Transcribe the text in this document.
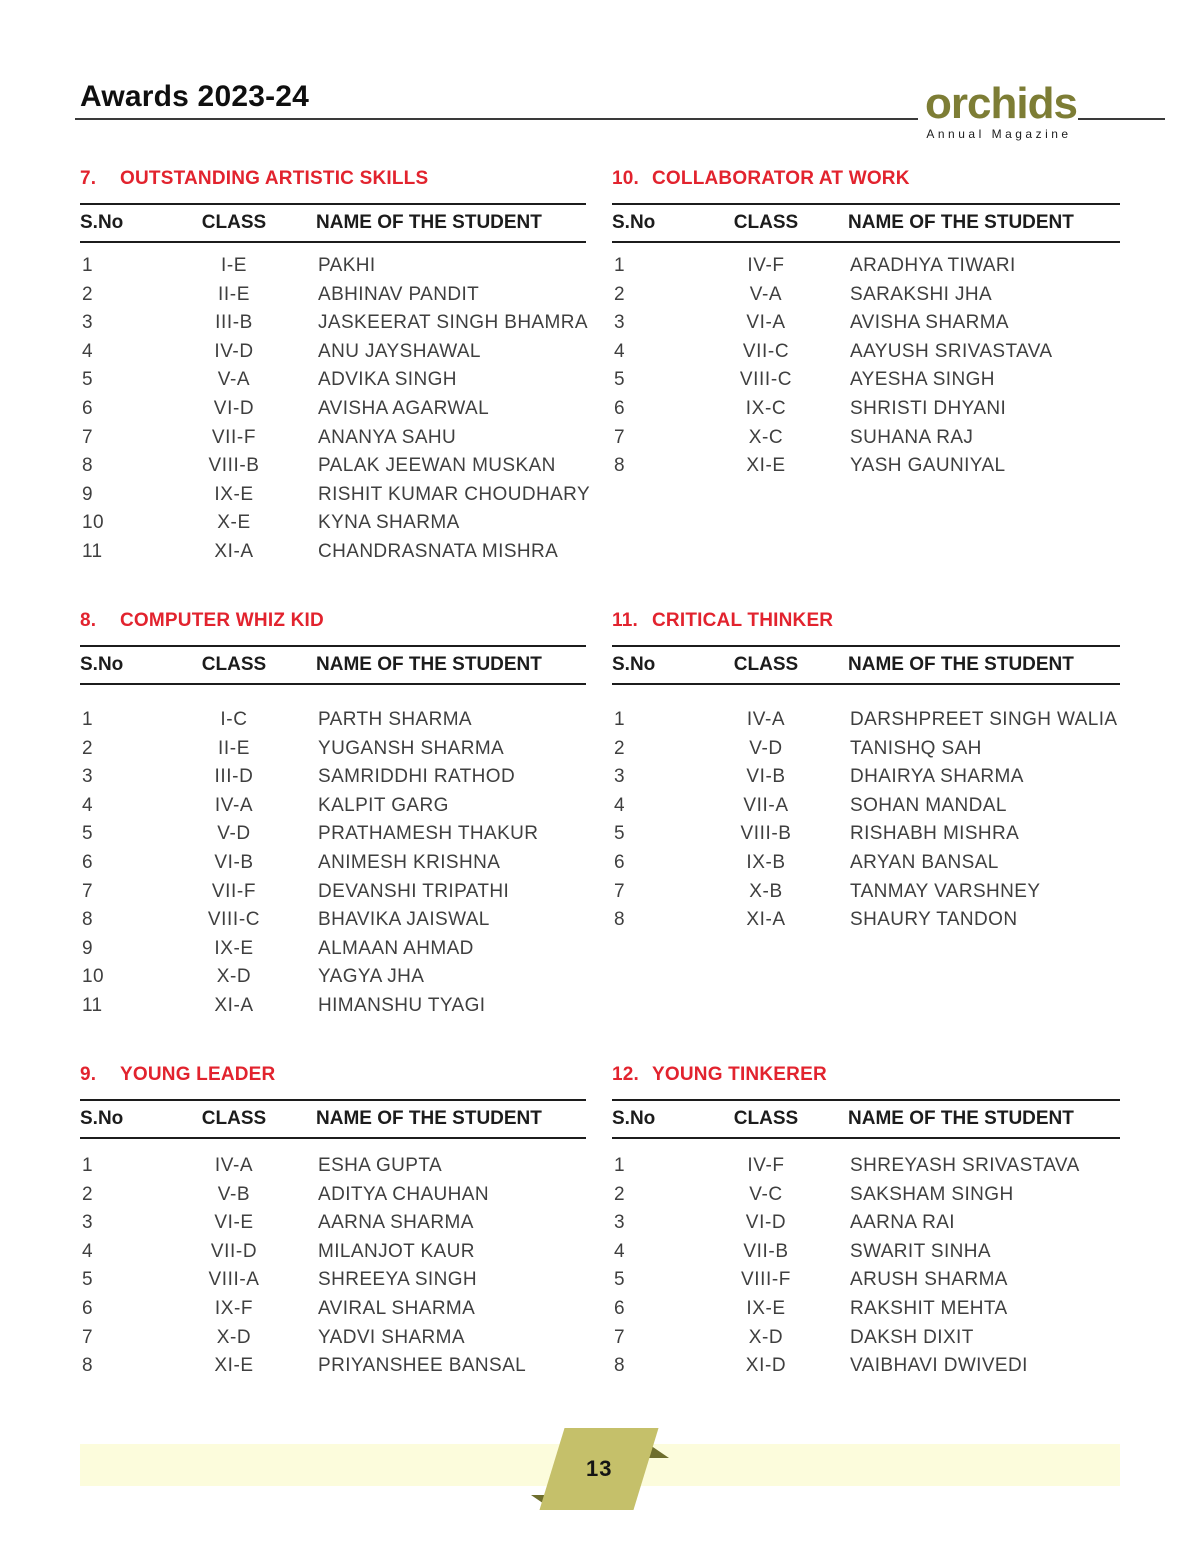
Awards 2023-24	orchids
Annual Magazine
7.	OUTSTANDING ARTISTIC SKILLS
S.No	CLASS	NAME OF THE STUDENT
1	I-E	PAKHI
2	II-E	ABHINAV PANDIT
3	III-B	JASKEERAT SINGH BHAMRA
4	IV-D	ANU JAYSHAWAL
5	V-A	ADVIKA SINGH
6	VI-D	AVISHA AGARWAL
7	VII-F	ANANYA SAHU
8	VIII-B	PALAK JEEWAN MUSKAN
9	IX-E	RISHIT KUMAR CHOUDHARY
10	X-E	KYNA SHARMA
11	XI-A	CHANDRASNATA MISHRA
10. COLLABORATOR AT WORK
S.No	CLASS	NAME OF THE STUDENT
1	IV-F	ARADHYA TIWARI
2	V-A	SARAKSHI JHA
3	VI-A	AVISHA SHARMA
4	VII-C	AAYUSH SRIVASTAVA
5	VIII-C	AYESHA SINGH
6	IX-C	SHRISTI DHYANI
7	X-C	SUHANA RAJ
8	XI-E	YASH GAUNIYAL
8.	COMPUTER WHIZ KID
S.No	CLASS	NAME OF THE STUDENT
1	I-C	PARTH SHARMA
2	II-E	YUGANSH SHARMA
3	III-D	SAMRIDDHI RATHOD
4	IV-A	KALPIT GARG
5	V-D	PRATHAMESH THAKUR
6	VI-B	ANIMESH KRISHNA
7	VII-F	DEVANSHI TRIPATHI
8	VIII-C	BHAVIKA JAISWAL
9	IX-E	ALMAAN AHMAD
10	X-D	YAGYA JHA
11	XI-A	HIMANSHU TYAGI
11. CRITICAL THINKER
S.No	CLASS	NAME OF THE STUDENT
1	IV-A	DARSHPREET SINGH WALIA
2	V-D	TANISHQ SAH
3	VI-B	DHAIRYA SHARMA
4	VII-A	SOHAN MANDAL
5	VIII-B	RISHABH MISHRA
6	IX-B	ARYAN BANSAL
7	X-B	TANMAY VARSHNEY
8	XI-A	SHAURY TANDON
9.	YOUNG LEADER
S.No	CLASS	NAME OF THE STUDENT
1	IV-A	ESHA GUPTA
2	V-B	ADITYA CHAUHAN
3	VI-E	AARNA SHARMA
4	VII-D	MILANJOT KAUR
5	VIII-A	SHREEYA SINGH
6	IX-F	AVIRAL SHARMA
7	X-D	YADVI SHARMA
8	XI-E	PRIYANSHEE BANSAL
12. YOUNG TINKERER
S.No	CLASS	NAME OF THE STUDENT
1	IV-F	SHREYASH SRIVASTAVA
2	V-C	SAKSHAM SINGH
3	VI-D	AARNA RAI
4	VII-B	SWARIT SINHA
5	VIII-F	ARUSH SHARMA
6	IX-E	RAKSHIT MEHTA
7	X-D	DAKSH DIXIT
8	XI-D	VAIBHAVI DWIVEDI
13
